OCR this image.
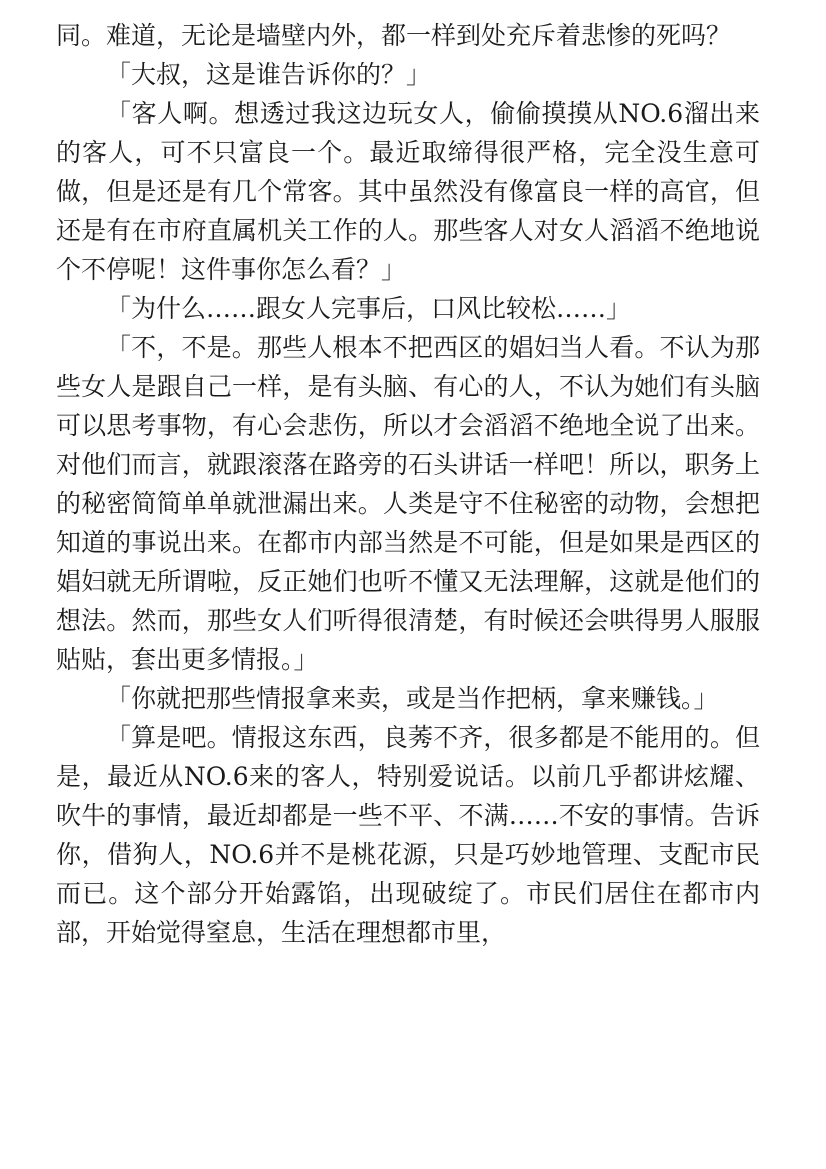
同。难道，无论是墙壁内外，都一样到处充斥着悲惨的死吗？

「大叔，这是谁告诉你的？」

「客人啊。想透过我这边玩女人，偷偷摸摸从NO.6溜出来的客人，可不只富良一个。最近取缔得很严格，完全没生意可做，但是还是有几个常客。其中虽然没有像富良一样的高官，但还是有在市府直属机关工作的人。那些客人对女人滔滔不绝地说个不停呢！这件事你怎么看？」

「为什么……跟女人完事后，口风比较松……」

「不，不是。那些人根本不把西区的娼妇当人看。不认为那些女人是跟自己一样，是有头脑、有心的人，不认为她们有头脑可以思考事物，有心会悲伤，所以才会滔滔不绝地全说了出来。对他们而言，就跟滚落在路旁的石头讲话一样吧！所以，职务上的秘密简简单单就泄漏出来。人类是守不住秘密的动物，会想把知道的事说出来。在都市内部当然是不可能，但是如果是西区的娼妇就无所谓啦，反正她们也听不懂又无法理解，这就是他们的想法。然而，那些女人们听得很清楚，有时候还会哄得男人服服贴贴，套出更多情报。」

「你就把那些情报拿来卖，或是当作把柄，拿来赚钱。」

「算是吧。情报这东西，良莠不齐，很多都是不能用的。但是，最近从NO.6来的客人，特别爱说话。以前几乎都讲炫耀、吹牛的事情，最近却都是一些不平、不满……不安的事情。告诉你，借狗人，NO.6并不是桃花源，只是巧妙地管理、支配市民而已。这个部分开始露馅，出现破绽了。市民们居住在都市内部，开始觉得窒息，生活在理想都市里，
